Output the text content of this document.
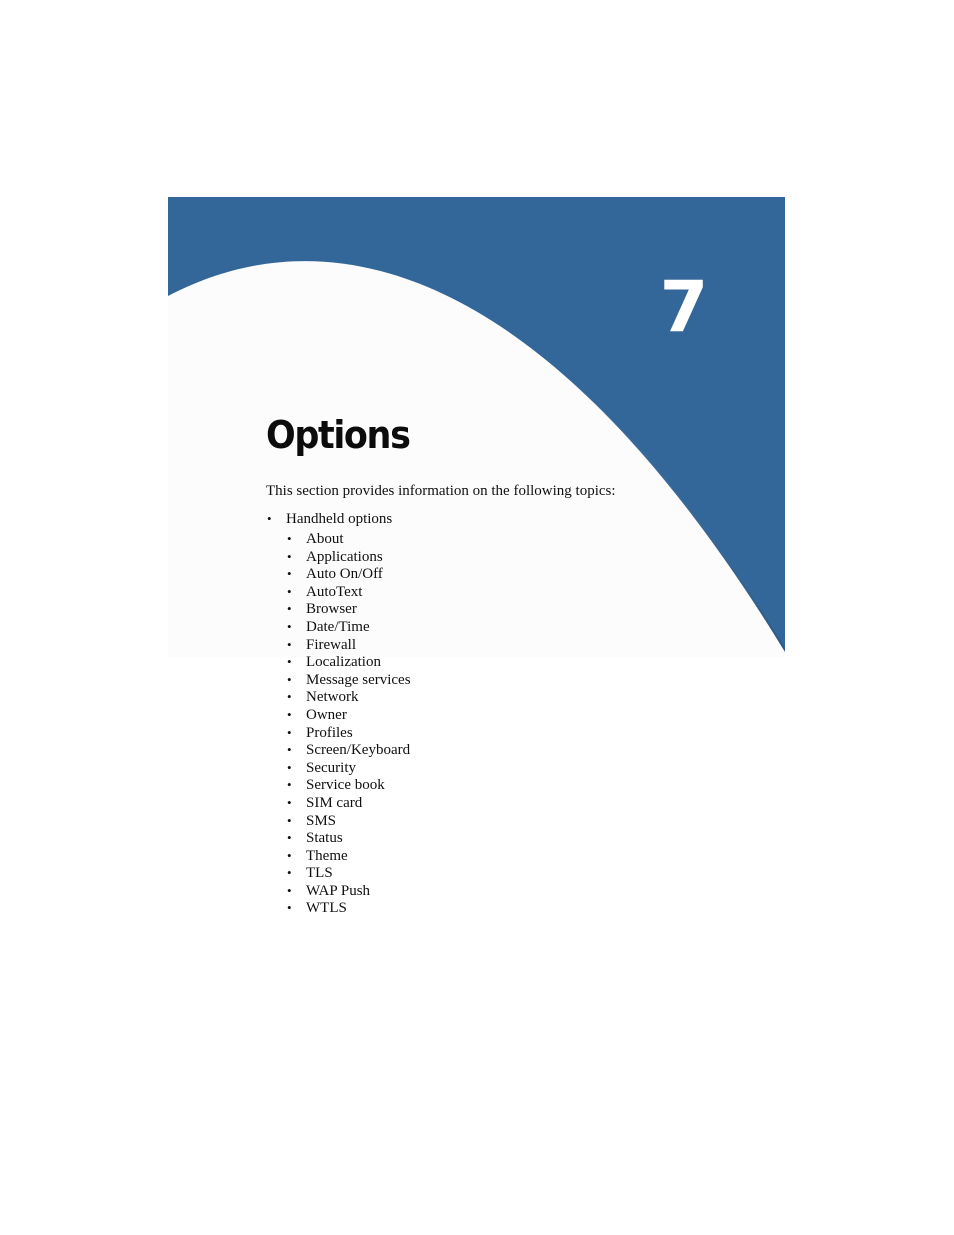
7
Options

This section provides information on the following topics:

• Handheld options
• About
• Applications
• Auto On/Off
• AutoText
• Browser
• Date/Time
• Firewall
• Localization
• Message services
• Network
• Owner
• Profiles
• Screen/Keyboard
• Security
• Service book
• SIM card
• SMS
• Status
• Theme
• TLS
• WAP Push
• WTLS
